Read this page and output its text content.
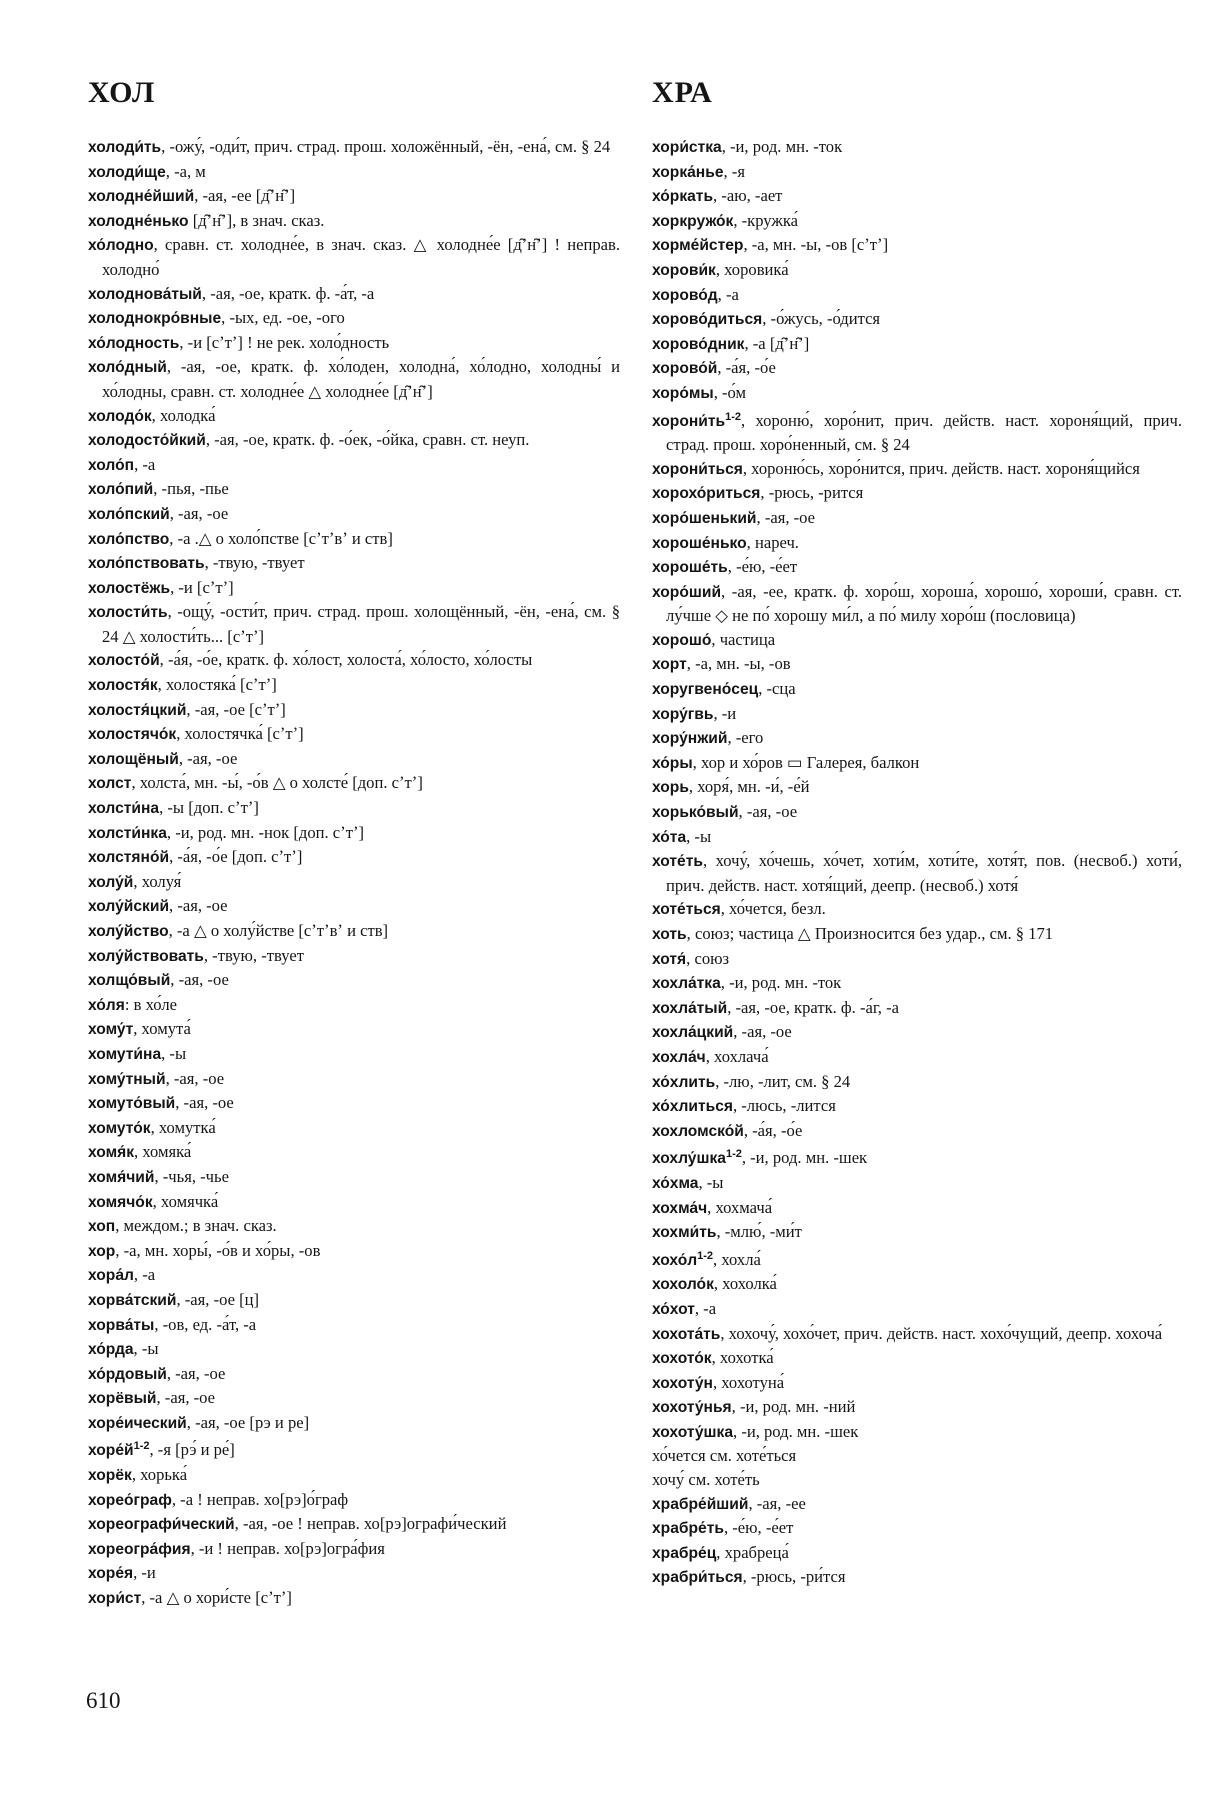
ХОЛ	ХРА
холоди́ть, -ожу́, -оди́т, прич. страд. прош. холожённый, -ён, -ена́, см. § 24
холоди́ще, -а, м
холодне́йший, -ая, -ее [д̑ʼн̑ʼ]
холодне́нько [д̑ʼн̑ʼ], в знач. сказ.
хо́лодно, сравн. ст. холодне́е, в знач. сказ. △ холодне́е [д̑ʼн̑ʼ] ! неправ. холодно́
холоднова́тый, -ая, -ое, кратк. ф. -а́т, -а
холоднокро́вные, -ых, ед. -ое, -ого
хо́лодность, -и [сʼтʼ] ! не рек. холо́дность
холо́дный, -ая, -ое, кратк. ф. хо́лоден, холодна́, хо́лодно, холодны́ и хо́лодны, сравн. ст. холодне́е △ холодне́е [д̑ʼн̑ʼ]
холодо́к, холодка́
холодосто́йкий, -ая, -ое, кратк. ф. -о́ек, -о́йка, сравн. ст. неуп.
холо́п, -а
холо́пий, -пья, -пье
холо́пский, -ая, -ое
холо́пство, -а .△ о холо́пстве [сʼтʼвʼ и ств]
холо́пствовать, -твую, -твует
холостёжь, -и [сʼтʼ]
холости́ть, -ощу́, -ости́т, прич. страд. прош. холощённый, -ён, -ена́, см. § 24 △ холости́ть... [сʼтʼ]
холосто́й, -а́я, -о́е, кратк. ф. хо́лост, холоста́, хо́лосто, хо́лосты
холостя́к, холостяка́ [сʼтʼ]
холостя́цкий, -ая, -ое [сʼтʼ]
холостячо́к, холостячка́ [сʼтʼ]
холощёный, -ая, -ое
холст, холста́, мн. -ы́, -о́в △ о холсте́ [доп. сʼтʼ]
холсти́на, -ы [доп. сʼтʼ]
холсти́нка, -и, род. мн. -нок [доп. сʼтʼ]
холстяно́й, -а́я, -о́е [доп. сʼтʼ]
холу́й, холуя́
холу́йский, -ая, -ое
холу́йство, -а △ о холу́йстве [сʼтʼвʼ и ств]
холу́йствовать, -твую, -твует
холщо́вый, -ая, -ое
хо́ля: в хо́ле
хому́т, хомута́
хомути́на, -ы
хому́тный, -ая, -ое
хомуто́вый, -ая, -ое
хомуто́к, хомутка́
хомя́к, хомяка́
хомя́чий, -чья, -чье
хомячо́к, хомячка́
хоп, междом.; в знач. сказ.
хор, -а, мн. хоры́, -о́в и хо́ры, -ов
хора́л, -а
хорва́тский, -ая, -ое [ц]
хорва́ты, -ов, ед. -а́т, -а
хо́рда, -ы
хо́рдовый, -ая, -ое
хорёвый, -ая, -ое
хоре́ический, -ая, -ое [рэ и ре]
$хоре́й^{1-2}$, -я [рэ́ и ре́]
хорёк, хорька́
хорео́граф, -а ! неправ. хо[рэ]о́граф
хореографи́ческий, -ая, -ое ! неправ. хо[рэ]ографи́ческий
хореогра́фия, -и ! неправ. хо[рэ]огра́фия
хоре́я, -и
хори́ст, -а △ о хори́сте [сʼтʼ]
хори́стка, -и, род. мн. -ток
хорка́нье, -я
хо́ркать, -аю, -ает
хоркружо́к, -кружка́
хорме́йстер, -а, мн. -ы, -ов [сʼтʼ]
хорови́к, хоровика́
хорово́д, -а
хорово́диться, -о́жусь, -о́дится
хорово́дник, -а [д̑ʼн̑ʼ]
хорово́й, -а́я, -о́е
хоро́мы, -о́м
$хорони́ть^{1-2}$, хороню́, хоро́нит, прич. действ. наст. хороня́щий, прич. страд. прош. хоро́ненный, см. § 24
хорони́ться, хороню́сь, хоро́нится, прич. действ. наст. хороня́щийся
хорохо́риться, -рюсь, -рится
хоро́шенький, -ая, -ое
хороше́нько, нареч.
хороше́ть, -е́ю, -е́ет
хоро́ший, -ая, -ее, кратк. ф. хоро́ш, хороша́, хорошо́, хороши́, сравн. ст. лу́чше ◇ не по́ хорошу ми́л, а по́ милу хоро́ш (пословица)
хорошо́, частица
хорт, -а, мн. -ы, -ов
хоругвено́сец, -сца
хору́гвь, -и
хору́нжий, -его
хо́ры, хор и хо́ров ▭ Галерея, балкон
хорь, хоря́, мн. -и́, -е́й
хорько́вый, -ая, -ое
хо́та, -ы
хоте́ть, хочу́, хо́чешь, хо́чет, хоти́м, хоти́те, хотя́т, пов. (несвоб.) хоти́, прич. действ. наст. хотя́щий, деепр. (несвоб.) хотя́
хоте́ться, хо́чется, безл.
хоть, союз; частица △ Произносится без удар., см. § 171
хотя́, союз
хохла́тка, -и, род. мн. -ток
хохла́тый, -ая, -ое, кратк. ф. -а́г, -а
хохла́цкий, -ая, -ое
хохла́ч, хохлача́
хо́хлить, -лю, -лит, см. § 24
хо́хлиться, -люсь, -лится
хохломско́й, -а́я, -о́е
хохлу́шка$^{1-2}$, -и, род. мн. -шек
хо́хма, -ы
хохма́ч, хохмача́
хохми́ть, -млю́, -ми́т
$хохо́л^{1-2}$, хохла́
хохоло́к, хохолка́
хо́хот, -а
хохота́ть, хохочу́, хохо́чет, прич. действ. наст. хохо́чущий, деепр. хохоча́
хохото́к, хохотка́
хохоту́н, хохотуна́
хохоту́нья, -и, род. мн. -ний
хохоту́шка, -и, род. мн. -шек
хо́чется см. хоте́ться
хочу́ см. хоте́ть
храбре́йший, -ая, -ее
храбре́ть, -е́ю, -е́ет
храбре́ц, храбреца́
храбри́ться, -рюсь, -ри́тся
610
